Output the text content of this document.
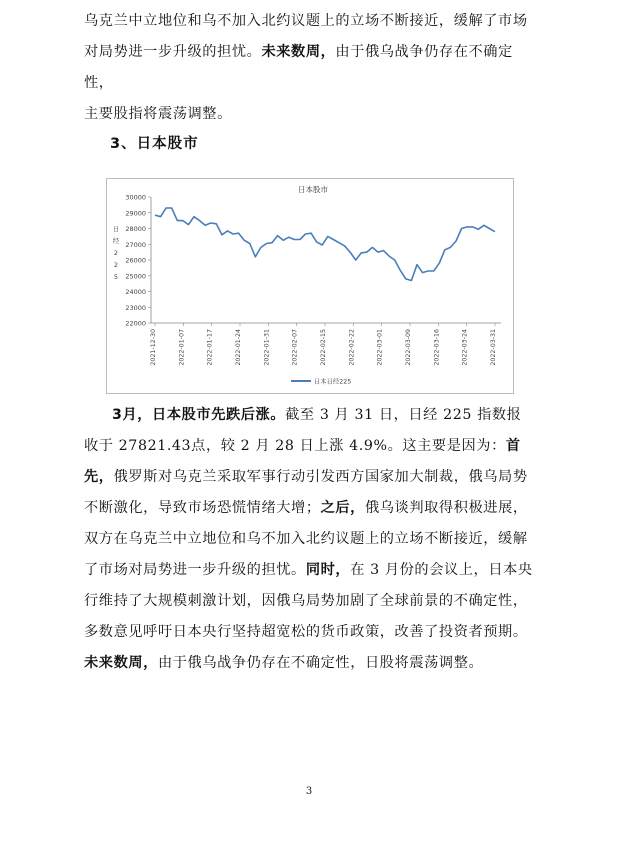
乌克兰中立地位和乌不加入北约议题上的立场不断接近，缓解了市场
对局势进一步升级的担忧。未来数周，由于俄乌战争仍存在不确定性，
主要股指将震荡调整。
3、日本股市
日本股市
22000
23000
24000
25000
26000
27000
28000
29000
30000
日
经
2
2
5
2021-12-30	2022-01-07	2022-01-17	2022-01-24	2022-01-31	2022-02-07	2022-02-15	2022-02-22	2022-03-01	2022-03-09	2022-03-16	2022-03-24	2022-03-31
日本日经225
3月，日本股市先跌后涨。截至 3 月 31 日，日经 225 指数报收于 27821.43点，较 2 月 28 日上涨 4.9%。这主要是因为：首先，俄罗斯对乌克兰采取军事行动引发西方国家加大制裁，俄乌局势不断激化，导致市场恐慌情绪大增；之后，俄乌谈判取得积极进展，双方在乌克兰中立地位和乌不加入北约议题上的立场不断接近，缓解了市场对局势进一步升级的担忧。同时，在 3 月份的会议上，日本央行维持了大规模刺激计划，因俄乌局势加剧了全球前景的不确定性，多数意见呼吁日本央行坚持超宽松的货币政策，改善了投资者预期。未来数周，由于俄乌战争仍存在不确定性，日股将震荡调整。
3
